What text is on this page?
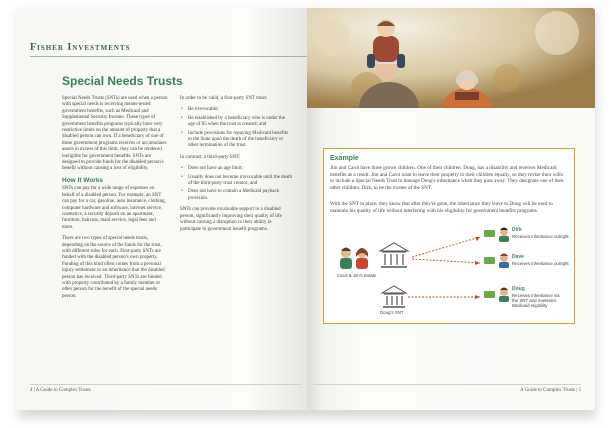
Fisher Investments
Special Needs Trusts

Special Needs Trusts (SNTs) are used when a person with special needs is receiving means-tested government benefits, such as Medicaid and Supplemental Security Income. These types of government benefits programs typically have very restrictive limits on the amount of property that a disabled person can own. If a beneficiary of one of these government programs receives or accumulates assets in excess of this limit, they can be rendered ineligible for government benefits. SNTs are designed to provide funds for the disabled person's benefit without causing a loss of eligibility.

How It Works

SNTs can pay for a wide range of expenses on behalf of a disabled person. For example, an SNT can pay for a car, gasoline, auto insurance, clothing, computer hardware and software, internet service, cosmetics, a security deposit on an apartment, furniture, haircuts, maid service, legal fees and more.

There are two types of special needs trusts, depending on the source of the funds for the trust, with different rules for each. First-party SNTs are funded with the disabled person's own property. Funding of this kind often comes from a personal injury settlement or an inheritance that the disabled person has received. Third-party SNTs are funded with property contributed by a family member or other person for the benefit of the special needs person.

In order to be valid, a first-party SNT must:

• Be irrevocable;
• Be established by a beneficiary who is under the age of 65 when the trust is created; and
• Include provisions for repaying Medicaid benefits to the State upon the death of the beneficiary or other termination of the trust.

In contrast, a third-party SNT:

• Does not have an age limit;
• Usually does not become irrevocable until the death of the third-party trust creator; and
• Does not have to contain a Medicaid payback provision.

SNTs can provide invaluable support to a disabled person, significantly improving their quality of life without causing a disruption in their ability to participate in government benefit programs.

4 | A Guide to Complex Trusts
Example
Jim and Carol have three grown children. One of their children, Doug, has a disability and receives Medicaid benefits as a result. Jim and Carol want to leave their property to their children equally, so they revise their wills to include a Special Needs Trust to manage Doug's inheritance when they pass away. They designate one of their other children, Dirk, to be the trustee of the SNT.
With the SNT in place, they know that after they're gone, the inheritance they leave to Doug will be used to maintain his quality of life without interfering with his eligibility for government benefits programs.
Carol & Jim's Estate
Doug's SNT
Dirk
Receives inheritance outright
Dave
Receives inheritance outright
Doug
Receives inheritance via
the SNT and maintains
Medicaid eligibility
A Guide to Complex Trusts | 5
